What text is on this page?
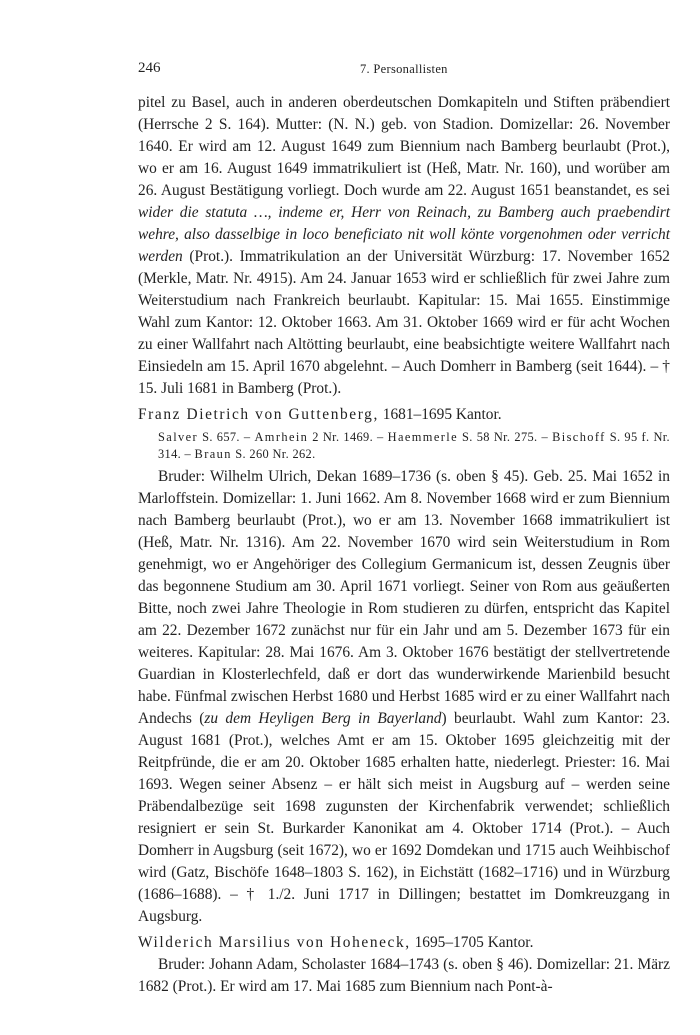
246	7. Personallisten

pitel zu Basel, auch in anderen oberdeutschen Domkapiteln und Stiften präbendiert (Herrsche 2 S. 164). Mutter: (N. N.) geb. von Stadion. Domizellar: 26. November 1640. Er wird am 12. August 1649 zum Biennium nach Bamberg beurlaubt (Prot.), wo er am 16. August 1649 immatrikuliert ist (Heß, Matr. Nr. 160), und worüber am 26. August Bestätigung vorliegt. Doch wurde am 22. August 1651 beanstandet, es sei wider die statuta …, indeme er, Herr von Reinach, zu Bamberg auch praebendirt wehre, also dasselbige in loco beneficiato nit woll könte vorgenohmen oder verricht werden (Prot.). Immatrikulation an der Universität Würzburg: 17. November 1652 (Merkle, Matr. Nr. 4915). Am 24. Januar 1653 wird er schließlich für zwei Jahre zum Weiterstudium nach Frankreich beurlaubt. Kapitular: 15. Mai 1655. Einstimmige Wahl zum Kantor: 12. Oktober 1663. Am 31. Oktober 1669 wird er für acht Wochen zu einer Wallfahrt nach Altötting beurlaubt, eine beabsichtigte weitere Wallfahrt nach Einsiedeln am 15. April 1670 abgelehnt. – Auch Domherr in Bamberg (seit 1644). – † 15. Juli 1681 in Bamberg (Prot.).

Franz Dietrich von Guttenberg, 1681–1695 Kantor.

Salver S. 657. – Amrhein 2 Nr. 1469. – Haemmerle S. 58 Nr. 275. – Bischoff S. 95 f. Nr. 314. – Braun S. 260 Nr. 262.

Bruder: Wilhelm Ulrich, Dekan 1689–1736 (s. oben § 45). Geb. 25. Mai 1652 in Marloffstein. Domizellar: 1. Juni 1662. Am 8. November 1668 wird er zum Biennium nach Bamberg beurlaubt (Prot.), wo er am 13. November 1668 immatrikuliert ist (Heß, Matr. Nr. 1316). Am 22. November 1670 wird sein Weiterstudium in Rom genehmigt, wo er Angehöriger des Collegium Germanicum ist, dessen Zeugnis über das begonnene Studium am 30. April 1671 vorliegt. Seiner von Rom aus geäußerten Bitte, noch zwei Jahre Theologie in Rom studieren zu dürfen, entspricht das Kapitel am 22. Dezember 1672 zunächst nur für ein Jahr und am 5. Dezember 1673 für ein weiteres. Kapitular: 28. Mai 1676. Am 3. Oktober 1676 bestätigt der stellvertretende Guardian in Klosterlechfeld, daß er dort das wunderwirkende Marienbild besucht habe. Fünfmal zwischen Herbst 1680 und Herbst 1685 wird er zu einer Wallfahrt nach Andechs (zu dem Heyligen Berg in Bayerland) beurlaubt. Wahl zum Kantor: 23. August 1681 (Prot.), welches Amt er am 15. Oktober 1695 gleichzeitig mit der Reitpfründe, die er am 20. Oktober 1685 erhalten hatte, niederlegt. Priester: 16. Mai 1693. Wegen seiner Absenz – er hält sich meist in Augsburg auf – werden seine Präbendalbezüge seit 1698 zugunsten der Kirchenfabrik verwendet; schließlich resigniert er sein St. Burkarder Kanonikat am 4. Oktober 1714 (Prot.). – Auch Domherr in Augsburg (seit 1672), wo er 1692 Domdekan und 1715 auch Weihbischof wird (Gatz, Bischöfe 1648–1803 S. 162), in Eichstätt (1682–1716) und in Würzburg (1686–1688). – † 1./2. Juni 1717 in Dillingen; bestattet im Domkreuzgang in Augsburg.

Wilderich Marsilius von Hoheneck, 1695–1705 Kantor.

Bruder: Johann Adam, Scholaster 1684–1743 (s. oben § 46). Domizellar: 21. März 1682 (Prot.). Er wird am 17. Mai 1685 zum Biennium nach Pont-à-
